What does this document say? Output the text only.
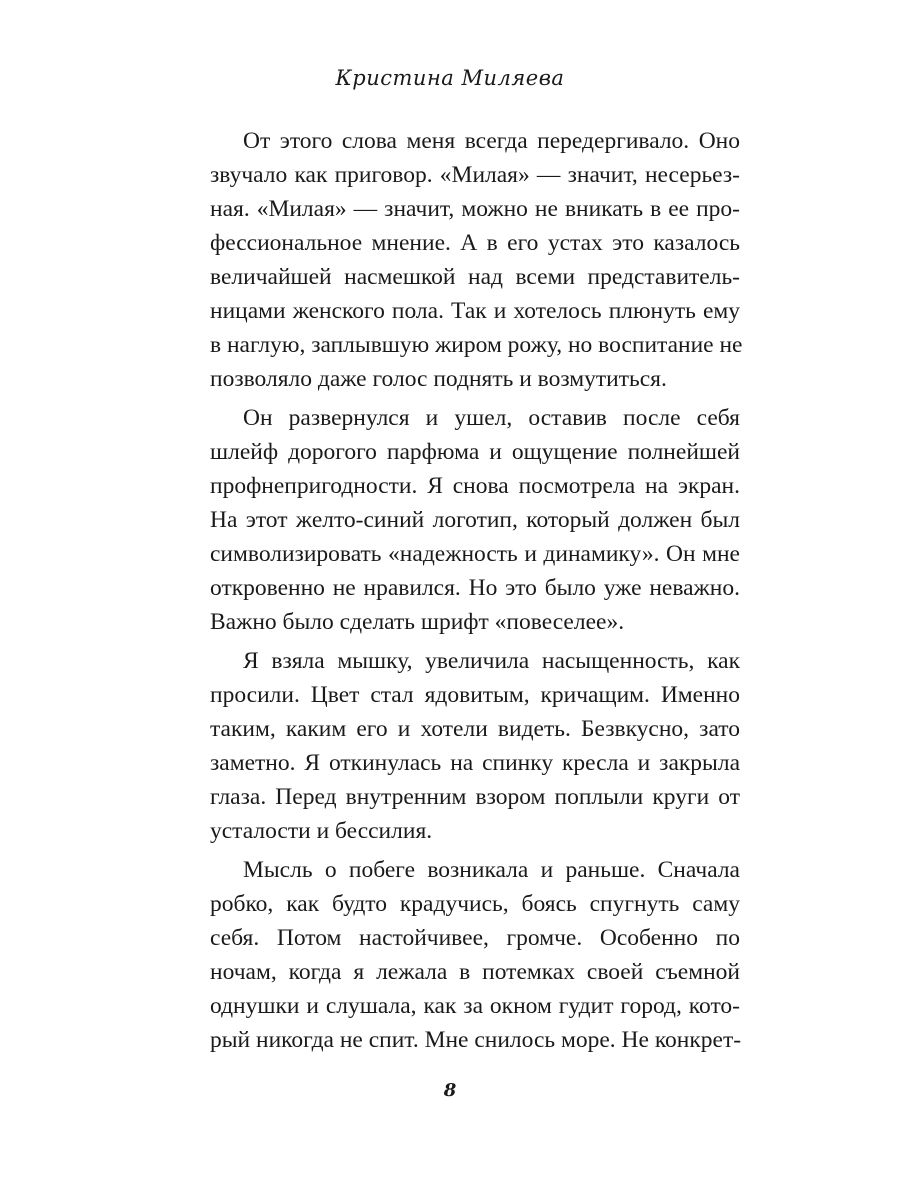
Кристина Миляева
От этого слова меня всегда передергивало. Оно
звучало как приговор. «Милая» — значит, несерьез-
ная. «Милая» — значит, можно не вникать в ее про-
фессиональное мнение. А в его устах это казалось
величайшей насмешкой над всеми представитель-
ницами женского пола. Так и хотелось плюнуть ему
в наглую, заплывшую жиром рожу, но воспитание не
позволяло даже голос поднять и возмутиться.
Он развернулся и ушел, оставив после себя
шлейф дорогого парфюма и ощущение полнейшей
профнепригодности. Я снова посмотрела на экран.
На этот желто-синий логотип, который должен был
символизировать «надежность и динамику». Он мне
откровенно не нравился. Но это было уже неважно.
Важно было сделать шрифт «повеселее».
Я взяла мышку, увеличила насыщенность, как
просили. Цвет стал ядовитым, кричащим. Именно
таким, каким его и хотели видеть. Безвкусно, зато
заметно. Я откинулась на спинку кресла и закрыла
глаза. Перед внутренним взором поплыли круги от
усталости и бессилия.
Мысль о побеге возникала и раньше. Сначала
робко, как будто крадучись, боясь спугнуть саму
себя. Потом настойчивее, громче. Особенно по
ночам, когда я лежала в потемках своей съемной
однушки и слушала, как за окном гудит город, кото-
рый никогда не спит. Мне снилось море. Не конкрет-
8
